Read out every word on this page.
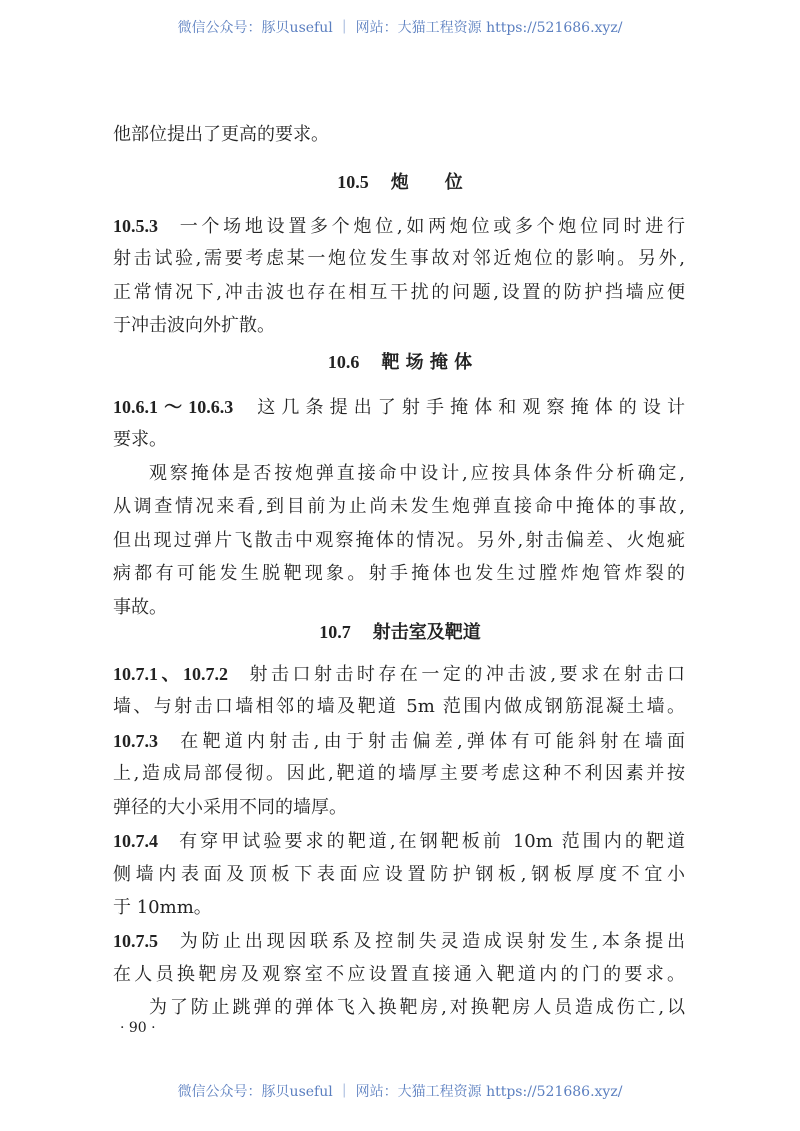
微信公众号：豚贝useful ｜ 网站：大猫工程资源 https://521686.xyz/
他部位提出了更高的要求。
10.5 炮　　位
10.5.3 一个场地设置多个炮位,如两炮位或多个炮位同时进行
射击试验,需要考虑某一炮位发生事故对邻近炮位的影响。另外,
正常情况下,冲击波也存在相互干扰的问题,设置的防护挡墙应便
于冲击波向外扩散。
10.6 靶 场 掩 体
10.6.1～10.6.3 这几条提出了射手掩体和观察掩体的设计
要求。
观察掩体是否按炮弹直接命中设计,应按具体条件分析确定,
从调查情况来看,到目前为止尚未发生炮弹直接命中掩体的事故,
但出现过弹片飞散击中观察掩体的情况。另外,射击偏差、火炮疵
病都有可能发生脱靶现象。射手掩体也发生过膛炸炮管炸裂的
事故。
10.7 射击室及靶道
10.7.1、10.7.2 射击口射击时存在一定的冲击波,要求在射击口
墙、与射击口墙相邻的墙及靶道 5m 范围内做成钢筋混凝土墙。
10.7.3 在靶道内射击,由于射击偏差,弹体有可能斜射在墙面
上,造成局部侵彻。因此,靶道的墙厚主要考虑这种不利因素并按
弹径的大小采用不同的墙厚。
10.7.4 有穿甲试验要求的靶道,在钢靶板前 10m 范围内的靶道
侧墙内表面及顶板下表面应设置防护钢板,钢板厚度不宜小
于 10mm。
10.7.5 为防止出现因联系及控制失灵造成误射发生,本条提出
在人员换靶房及观察室不应设置直接通入靶道内的门的要求。
为了防止跳弹的弹体飞入换靶房,对换靶房人员造成伤亡,以
· 90 ·
微信公众号：豚贝useful ｜ 网站：大猫工程资源 https://521686.xyz/
